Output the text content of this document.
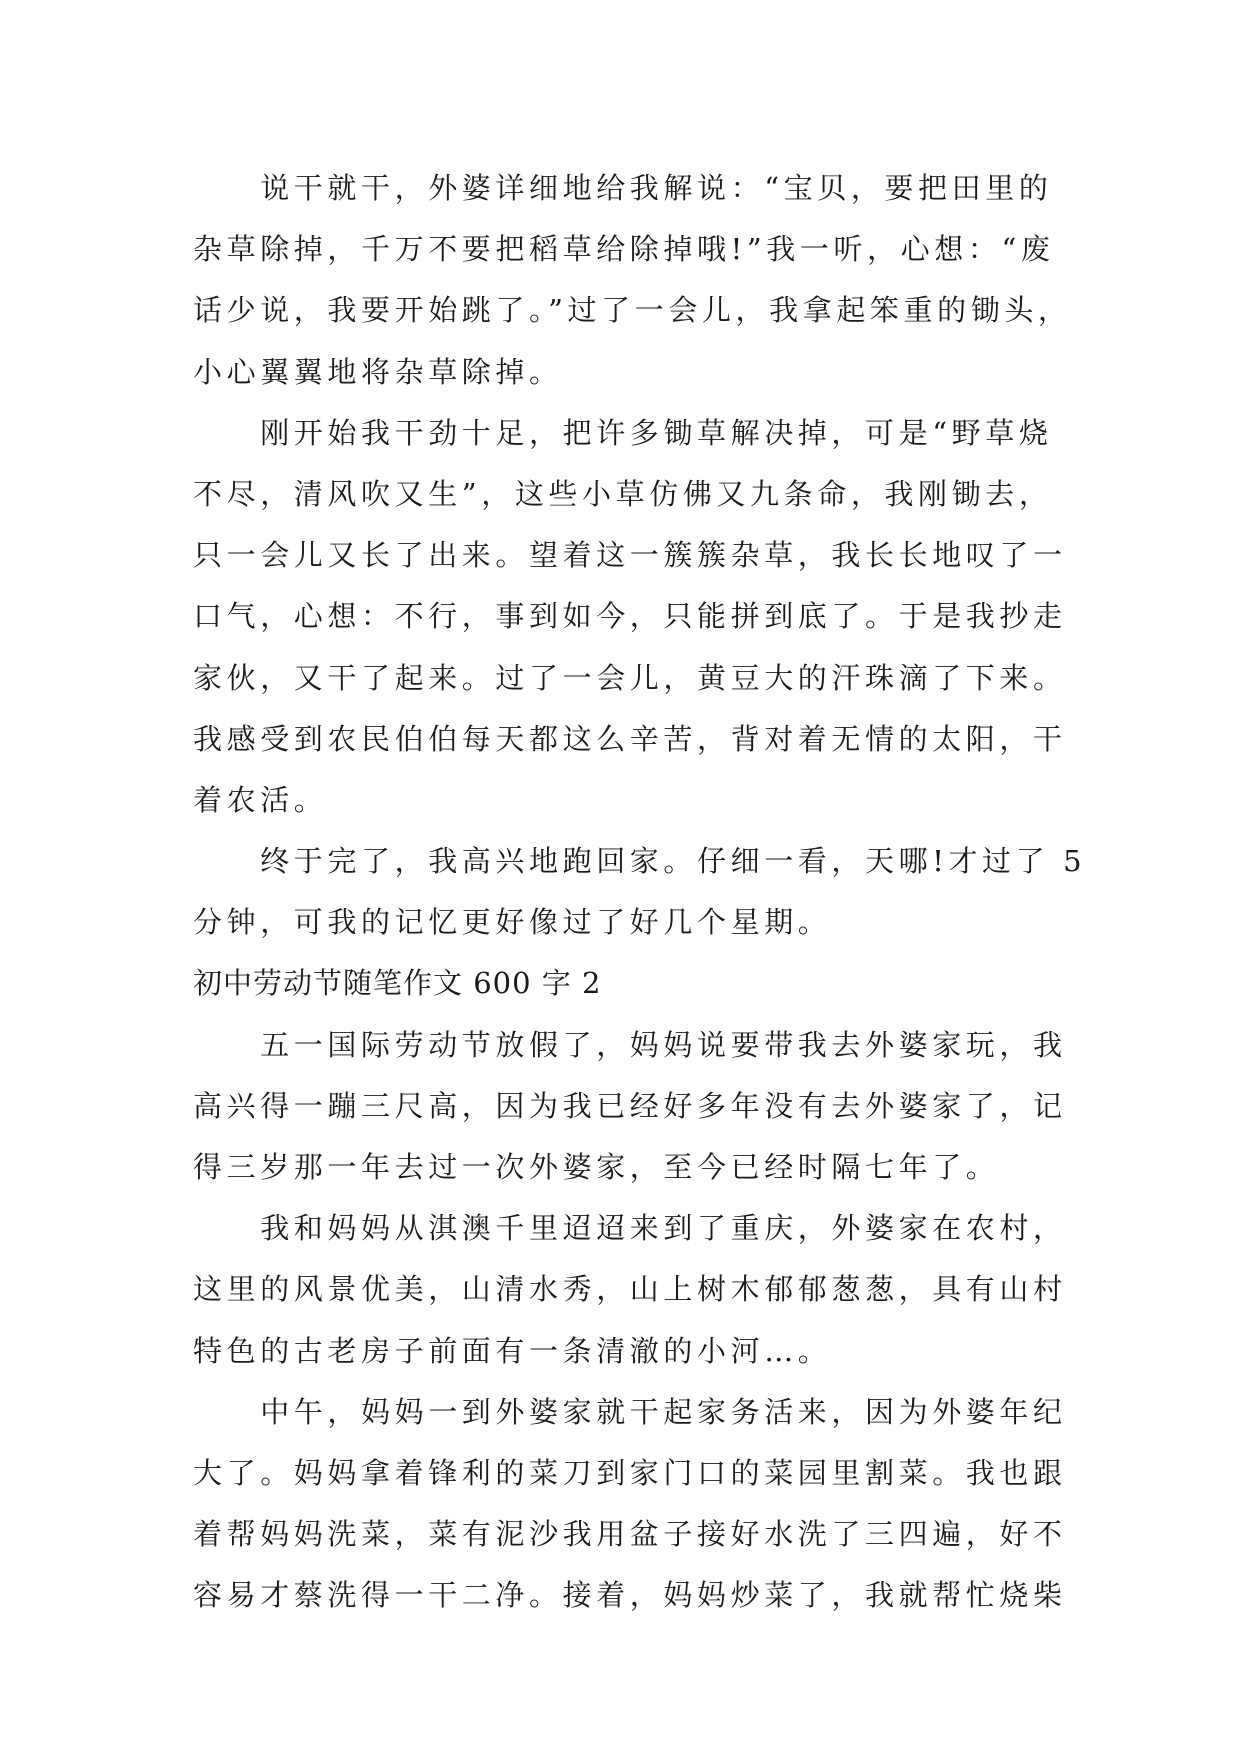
　　说干就干，外婆详细地给我解说：“宝贝，要把田里的
杂草除掉，千万不要把稻草给除掉哦!”我一听，心想：“废
话少说，我要开始跳了。”过了一会儿，我拿起笨重的锄头，
小心翼翼地将杂草除掉。
　　刚开始我干劲十足，把许多锄草解决掉，可是“野草烧
不尽，清风吹又生”，这些小草仿佛又九条命，我刚锄去，
只一会儿又长了出来。望着这一簇簇杂草，我长长地叹了一
口气，心想：不行，事到如今，只能拼到底了。于是我抄走
家伙，又干了起来。过了一会儿，黄豆大的汗珠滴了下来。
我感受到农民伯伯每天都这么辛苦，背对着无情的太阳，干
着农活。
　　终于完了，我高兴地跑回家。仔细一看，天哪!才过了 5
分钟，可我的记忆更好像过了好几个星期。
初中劳动节随笔作文 600 字 2
　　五一国际劳动节放假了，妈妈说要带我去外婆家玩，我
高兴得一蹦三尺高，因为我已经好多年没有去外婆家了，记
得三岁那一年去过一次外婆家，至今已经时隔七年了。
　　我和妈妈从淇澳千里迢迢来到了重庆，外婆家在农村，
这里的风景优美，山清水秀，山上树木郁郁葱葱，具有山村
特色的古老房子前面有一条清澈的小河…。
　　中午，妈妈一到外婆家就干起家务活来，因为外婆年纪
大了。妈妈拿着锋利的菜刀到家门口的菜园里割菜。我也跟
着帮妈妈洗菜，菜有泥沙我用盆子接好水洗了三四遍，好不
容易才蔡洗得一干二净。接着，妈妈炒菜了，我就帮忙烧柴
